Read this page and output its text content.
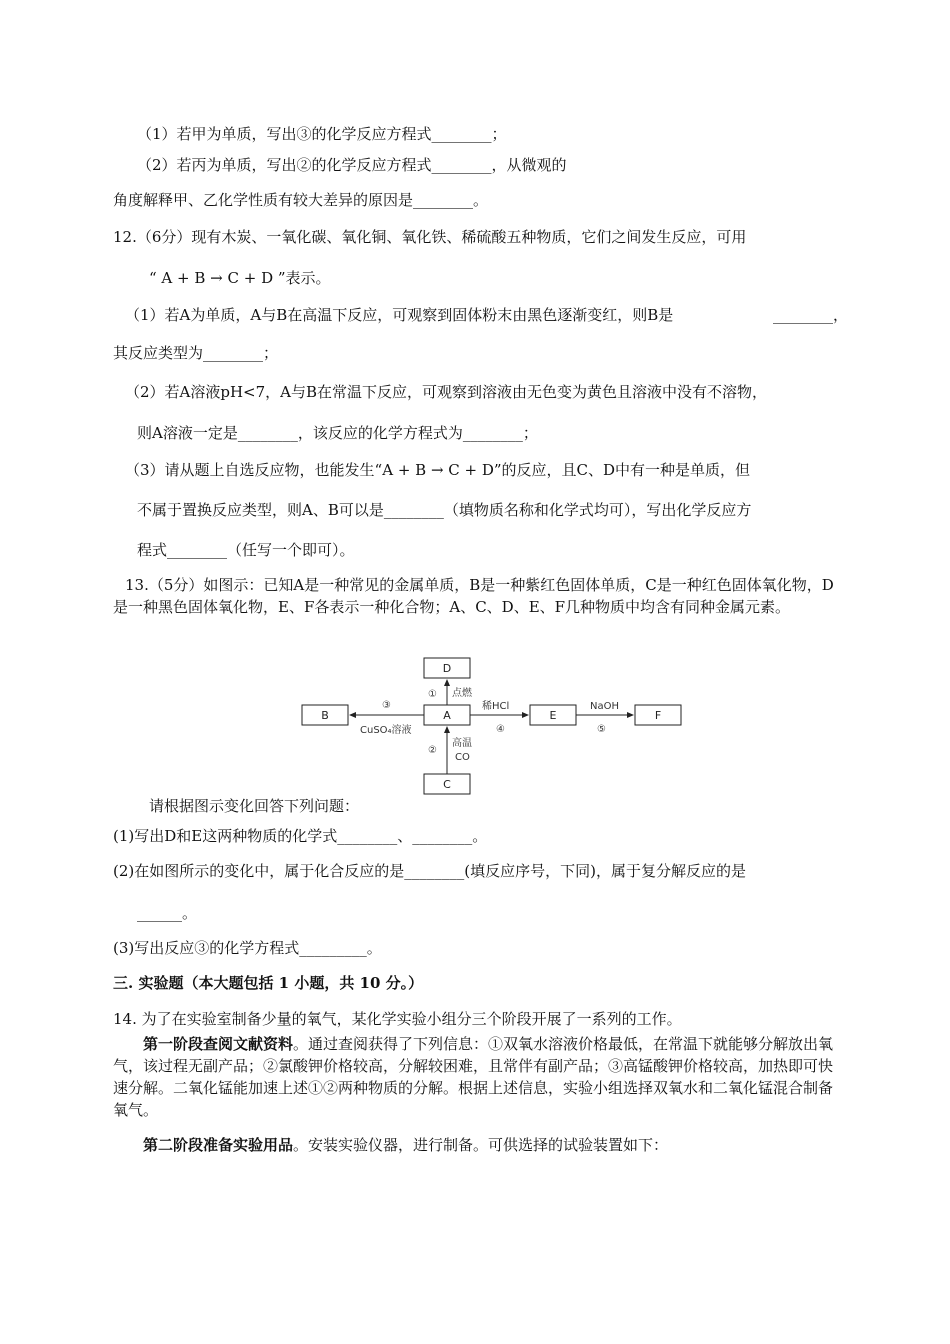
（1）若甲为单质，写出③的化学反应方程式________；
（2）若丙为单质，写出②的化学反应方程式________，从微观的
角度解释甲、乙化学性质有较大差异的原因是________。
12.（6分）现有木炭、一氧化碳、氧化铜、氧化铁、稀硫酸五种物质，它们之间发生反应，可用
“ A + B → C + D ”表示。
（1）若A为单质，A与B在高温下反应，可观察到固体粉末由黑色逐渐变红，则B是	________，
其反应类型为________；
（2）若A溶液pH<7，A与B在常温下反应，可观察到溶液由无色变为黄色且溶液中没有不溶物，
则A溶液一定是________，该反应的化学方程式为________；
（3）请从题上自选反应物，也能发生“A + B → C + D”的反应，且C、D中有一种是单质，但
不属于置换反应类型，则A、B可以是________（填物质名称和化学式均可），写出化学反应方
程式________（任写一个即可）。
13.（5分）如图示：已知A是一种常见的金属单质，B是一种紫红色固体单质，C是一种红色固体氧化物，D是一种黑色固体氧化物，E、F各表示一种化合物；A、C、D、E、F几种物质中均含有同种金属元素。
D
B	A	E	F
C
① 点燃
③
CuSO₄溶液
稀HCl
④
NaOH
⑤
②
高温
CO
请根据图示变化回答下列问题：
(1)写出D和E这两种物质的化学式________、________。
(2)在如图所示的变化中，属于化合反应的是________(填反应序号，下同)，属于复分解反应的是
______。
(3)写出反应③的化学方程式_________。
三. 实验题（本大题包括 1 小题，共 10 分。）
14. 为了在实验室制备少量的氧气，某化学实验小组分三个阶段开展了一系列的工作。
第一阶段查阅文献资料。通过查阅获得了下列信息：①双氧水溶液价格最低，在常温下就能够分解放出氧气，该过程无副产品；②氯酸钾价格较高，分解较困难，且常伴有副产品；③高锰酸钾价格较高，加热即可快速分解。二氧化锰能加速上述①②两种物质的分解。根据上述信息，实验小组选择双氧水和二氧化锰混合制备氧气。
第二阶段准备实验用品。安装实验仪器，进行制备。可供选择的试验装置如下：
